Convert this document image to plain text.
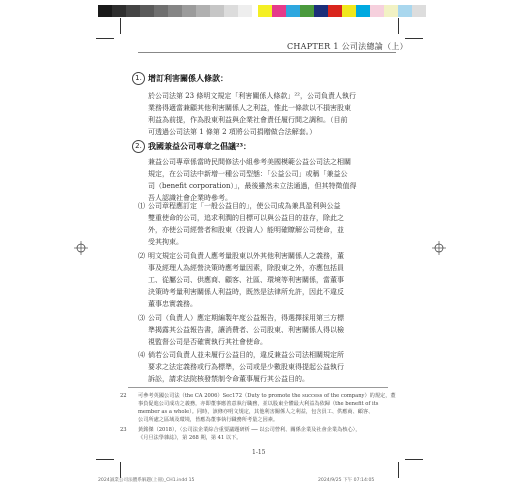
CHAPTER 1 公司法總論（上）
1. 增訂利害關係人條款：
於公司法第 23 條明文規定「利害關係人條款」²²，公司負責人執行
業務得適當兼顧其他利害關係人之利益，惟此一條款以不損害股東
利益為前提，作為股東利益與企業社會責任履行間之調和。（目前
可透過公司法第 1 條第 2 項將公司捐贈做合法解套。）
2. 我國兼益公司專章之倡議²³：
兼益公司專章係當時民間修法小組參考美國模範公益公司法之相關
規定，在公司法中新增一種公司型態：「公益公司」或稱「兼益公
司（benefit corporation）」，最後雖然未立法通過，但其特徵值得
吾人認識社會企業時參考。
⑴ 公司章程應訂定「一般公益目的」，使公司成為兼具盈利與公益
雙重使命的公司，追求利潤的目標可以與公益目的並存，除此之
外，亦使公司經營者和股東（投資人）能明確瞭解公司使命，並
受其拘束。
⑵ 明文規定公司負責人應考量股東以外其他利害關係人之義務，董
事及經理人為經營決策時應考量因素，除股東之外，亦應包括員
工、從屬公司、供應商、顧客、社區、環境等利害關係，當董事
決策時考量利害關係人利益時，既然是法律所允許，因此不違反
董事忠實義務。
⑶ 公司（負責人）應定期編製年度公益報告，得選擇採用第三方標
準揭露其公益報告書，讓消費者、公司股東、利害關係人得以檢
視監督公司是否確實執行其社會使命。
⑷ 倘若公司負責人並未履行公益目的，違反兼益公司法相關規定所
要求之法定義務或行為標準，公司或是少數股東得提起公益執行
訴訟，請求法院核發禁制令命董事履行其公益目的。
22 可參考英國公司法（the CA 2006）Sec172（Duty to promote the success of the company）的規定，董
事負促進公司成功之義務，亦即董事應善意執行職務，並以股東全體最大利益為依歸（the benefit of its
member as a whole）。同時，該條亦明文規定，其他利害關係人之利益，包含員工、供應商、顧客、
公司所處之區域及環境，皆應為董事執行職務所考量之因素。
23 黃銘傑（2018），〈公司法企業綜合重要議題研析 ── 以公司營利、關係企業及社會企業為核心〉，
《月旦法學雜誌》，第 268 期，第 41 以下。
1-15
2024誠業公司法體系解題(上冊)_CH1.indd 15	2024/9/25 下午 07:14:05
